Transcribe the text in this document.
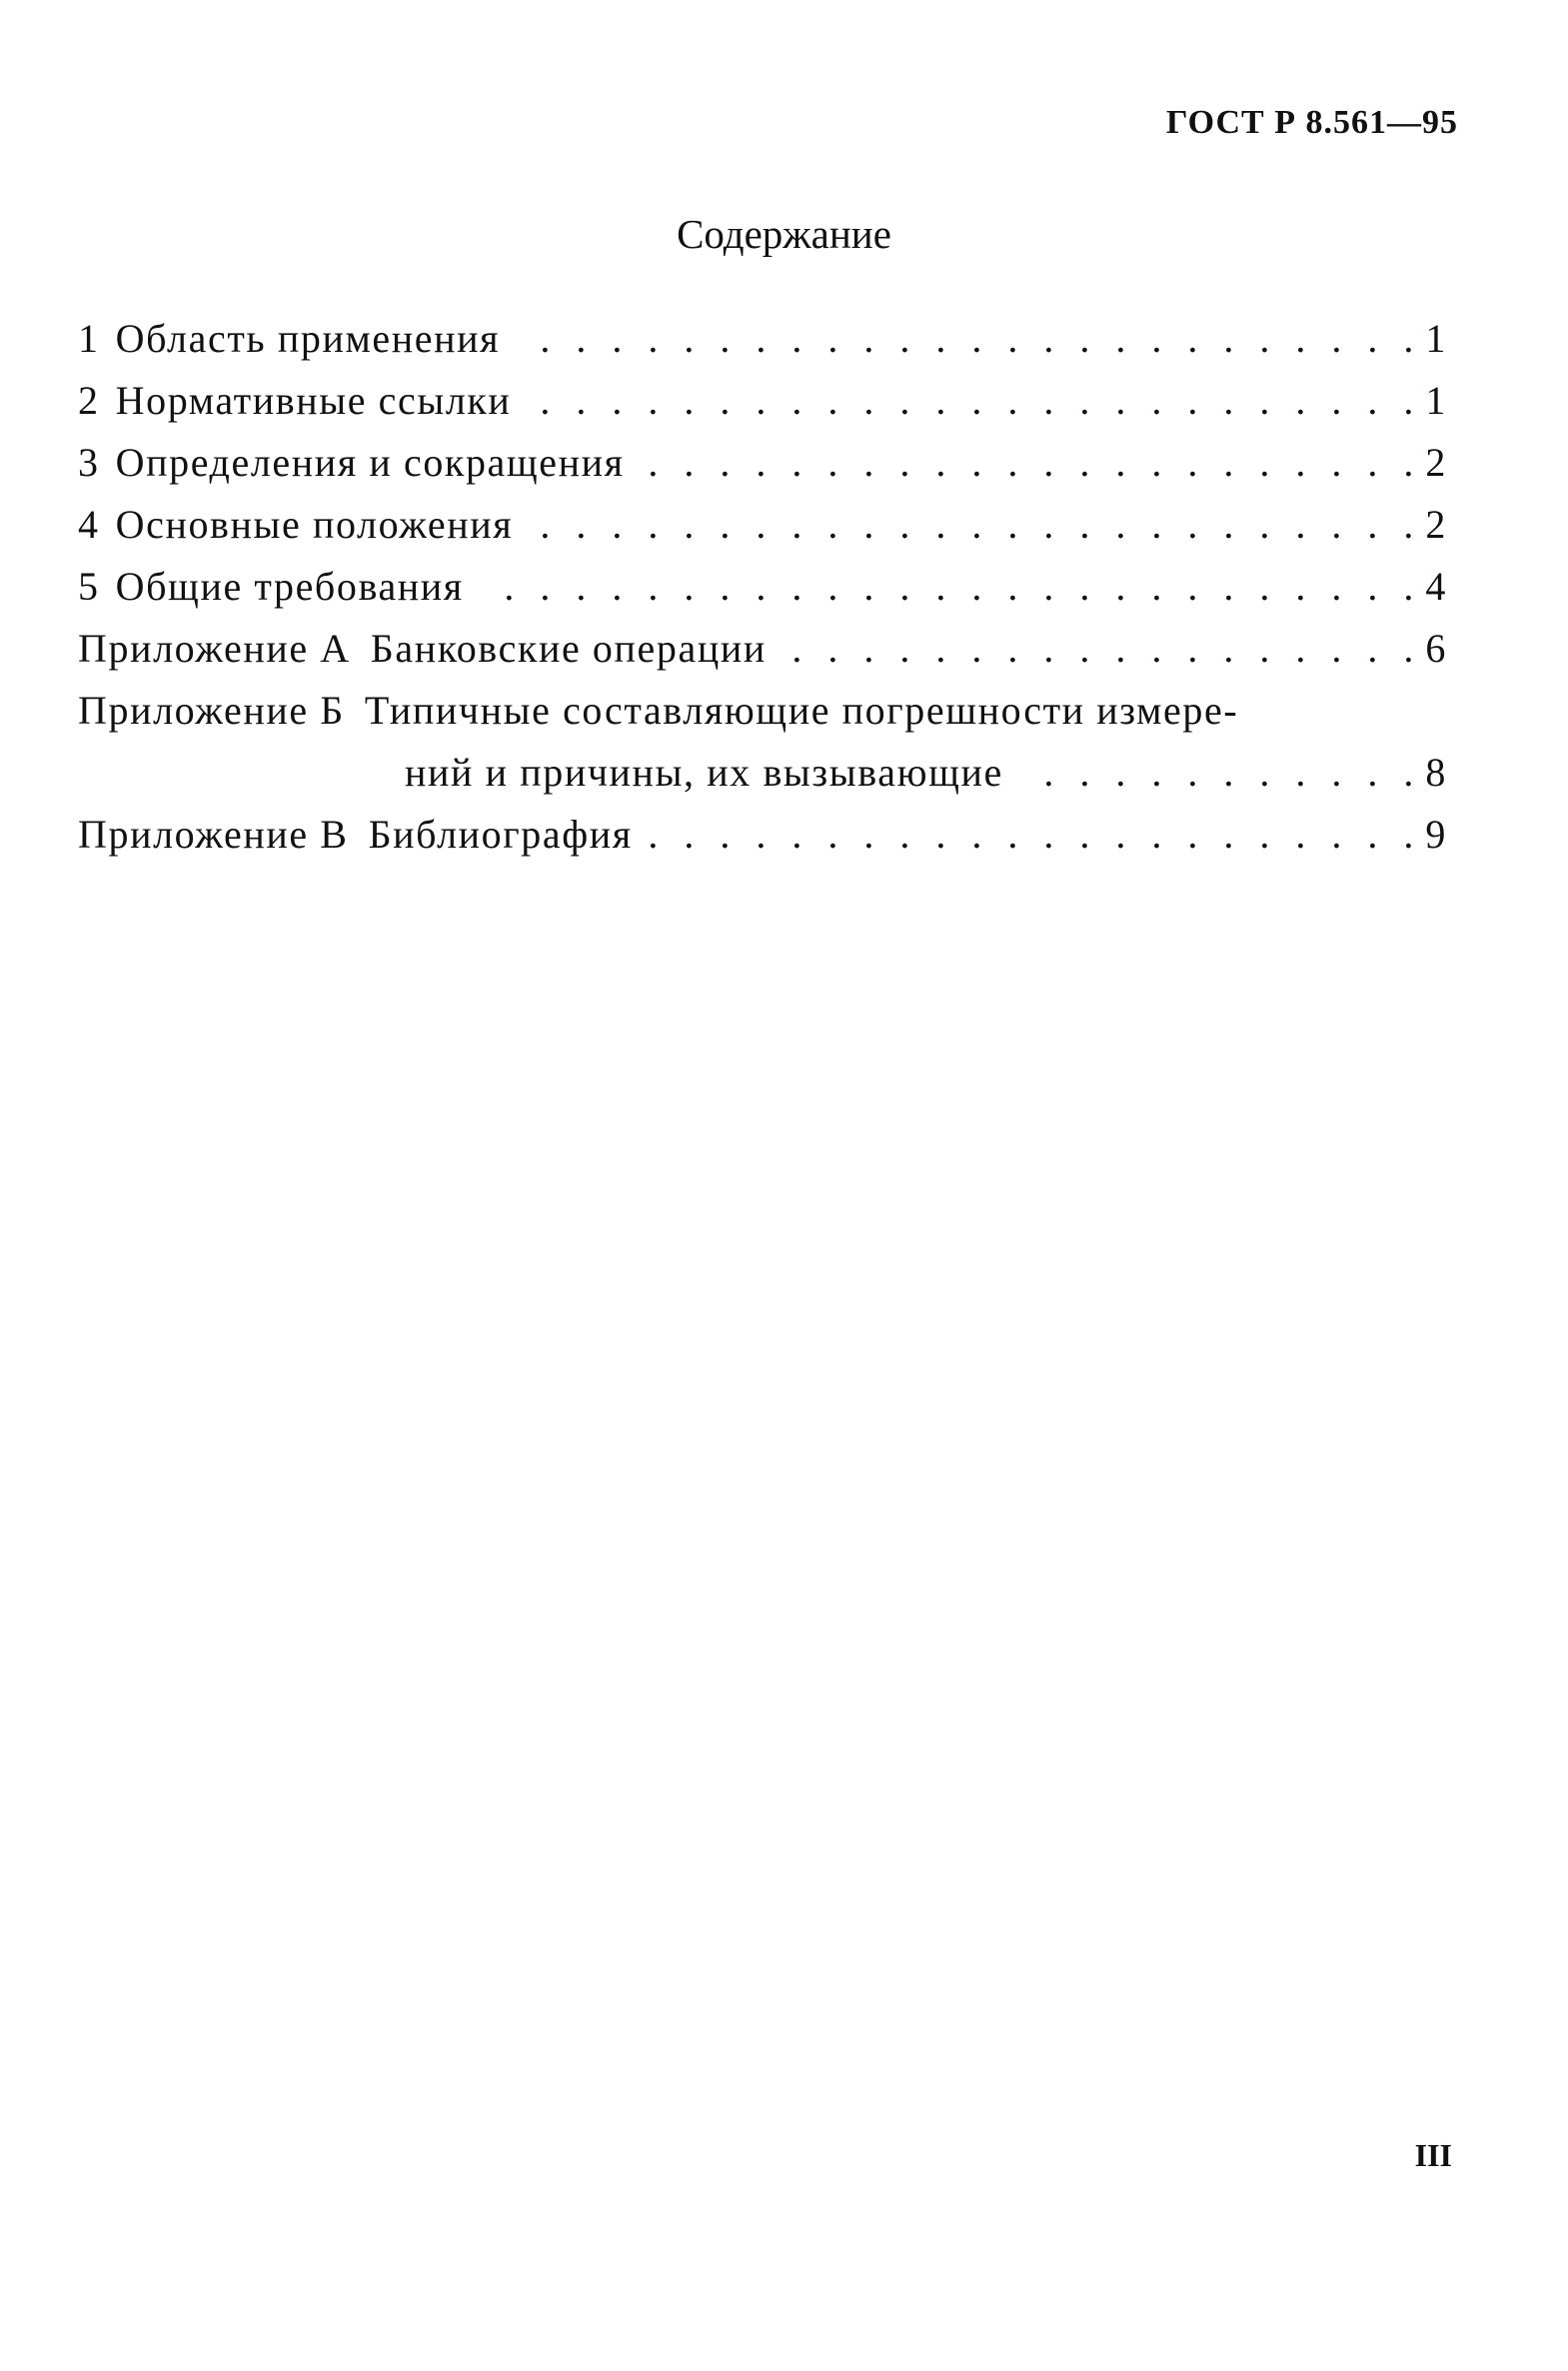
ГОСТ Р 8.561—95
Содержание
1 Область применения . . .	1
2 Нормативные ссылки . . .	1
3 Определения и сокращения . . .	2
4 Основные положения . . .	2
5 Общие требования . . .	4
Приложение А Банковские операции . . .	6
Приложение Б Типичные составляющие погрешности измере-
ний и причины, их вызывающие . . .	8
Приложение В Библиография . . .	9
III
